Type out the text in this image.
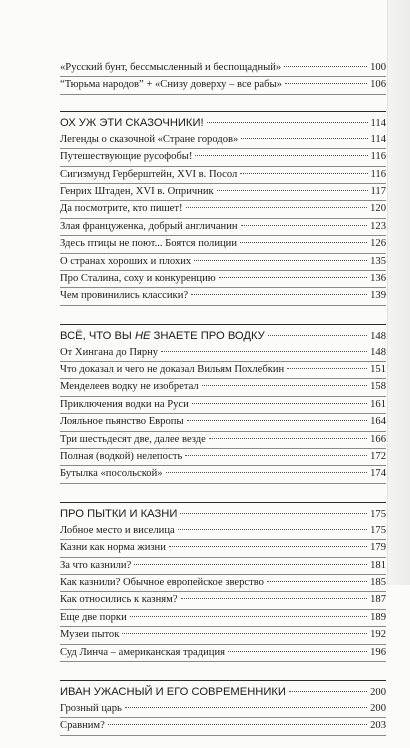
«Русский бунт, бессмысленный и беспощадный»	100
“Тюрьма народов” + «Снизу доверху – все рабы»	106
ОХ УЖ ЭТИ СКАЗОЧНИКИ!	114
Легенды о сказочной «Стране городов»	114
Путешествующие русофобы!	116
Сигизмунд Герберштейн, XVI в. Посол	116
Генрих Штаден, XVI в. Опричник	117
Да посмотрите, кто пишет!	120
Злая француженка, добрый англичанин	123
Здесь птицы не поют... Боятся полиции	126
О странах хороших и плохих	135
Про Сталина, соху и конкуренцию	136
Чем провинились классики?	139
ВСЁ, ЧТО ВЫ НЕ ЗНАЕТЕ ПРО ВОДКУ	148
От Хингана до Пярну	148
Что доказал и чего не доказал Вильям Похлебкин	151
Менделеев водку не изобретал	158
Приключения водки на Руси	161
Лояльное пьянство Европы	164
Три шестьдесят две, далее везде	166
Полная (водкой) нелепость	172
Бутылка «посольской»	174
ПРО ПЫТКИ И КАЗНИ	175
Лобное место и виселица	175
Казни как норма жизни	179
За что казнили?	181
Как казнили? Обычное европейское зверство	185
Как относились к казням?	187
Еще две порки	189
Музеи пыток	192
Суд Линча – американская традиция	196
ИВАН УЖАСНЫЙ И ЕГО СОВРЕМЕННИКИ	200
Грозный царь	200
Сравним?	203
